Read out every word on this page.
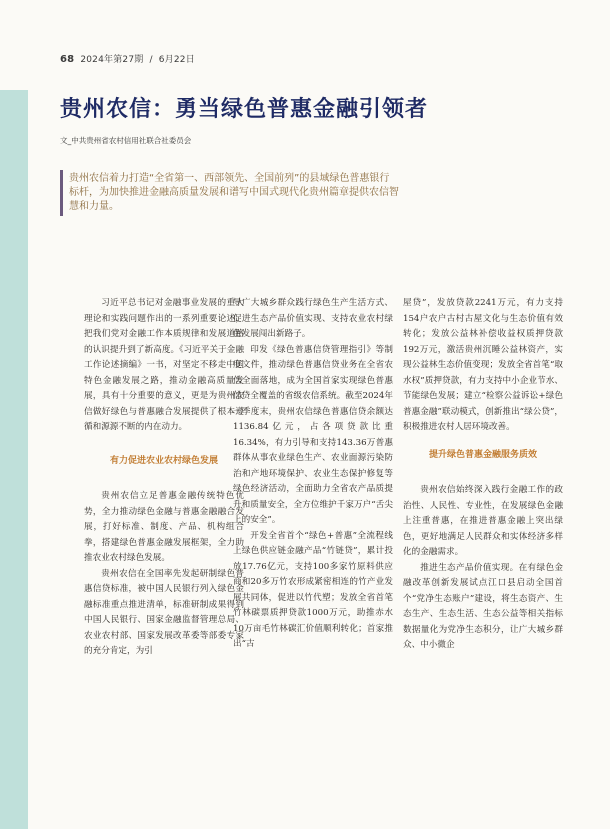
68 2024年第27期 / 6月22日
贵州农信：勇当绿色普惠金融引领者
文_中共贵州省农村信用社联合社委员会
贵州农信着力打造“全省第一、西部领先、全国前列”的县域绿色普惠银行标杆，为加快推进金融高质量发展和谱写中国式现代化贵州篇章提供农信智慧和力量。

习近平总书记对金融事业发展的重大理论和实践问题作出的一系列重要论述，把我们党对金融工作本质规律和发展道路的认识提升到了新高度。《习近平关于金融工作论述摘编》一书，对坚定不移走中国特色金融发展之路，推动金融高质量发展，具有十分重要的意义，更是为贵州农信做好绿色与普惠融合发展提供了根本遵循和源源不断的内在动力。

有力促进农业农村绿色发展

贵州农信立足普惠金融传统特色优势，全力推动绿色金融与普惠金融融合发展，打好标准、制度、产品、机构组合拳，搭建绿色普惠金融发展框架，全力助推农业农村绿色发展。

贵州农信在全国率先发起研制绿色普惠信贷标准，被中国人民银行列入绿色金融标准重点推进清单，标准研制成果得到中国人民银行、国家金融监督管理总局、农业农村部、国家发展改革委等部委专家的充分肯定，为引

导广大城乡群众践行绿色生产生活方式、促进生态产品价值实现、支持农业农村绿色发展闯出新路子。

印发《绿色普惠信贷管理指引》等制度文件，推动绿色普惠信贷业务在全省农信全面落地，成为全国首家实现绿色普惠信贷全覆盖的省级农信系统。截至2024年一季度末，贵州农信绿色普惠信贷余额达1136.84亿元，占各项贷款比重16.34%，有力引导和支持143.36万普惠群体从事农业绿色生产、农业面源污染防治和产地环境保护、农业生态保护修复等绿色经济活动，全面助力全省农产品质提升和质量安全，全方位维护千家万户“舌尖上的安全”。

开发全省首个“绿色+普惠”全流程线上绿色供应链金融产品“竹链贷”，累计投放17.76亿元，支持100多家竹原料供应商和20多万竹农形成紧密相连的竹产业发展共同体，促进以竹代塑；发放全省首笔竹林碳票质押贷款1000万元，助推赤水10万亩毛竹林碳汇价值顺利转化；首家推出“古

屋贷”，发放贷款2241万元，有力支持154户农户古村古屋文化与生态价值有效转化；发放公益林补偿收益权质押贷款192万元，激活贵州沉睡公益林资产，实现公益林生态价值变现；发放全省首笔“取水权”质押贷款，有力支持中小企业节水、节能绿色发展；建立“检察公益诉讼+绿色普惠金融”联动模式，创新推出“绿公贷”，积极推进农村人居环境改善。

提升绿色普惠金融服务质效

贵州农信始终深入践行金融工作的政治性、人民性、专业性，在发展绿色金融上注重普惠，在推进普惠金融上突出绿色，更好地满足人民群众和实体经济多样化的金融需求。

推进生态产品价值实现。在有绿色金融改革创新发展试点江口县启动全国首个“党净生态账户”建设，将生态资产、生态生产、生态生活、生态公益等相关指标数据量化为党净生态积分，让广大城乡群众、中小微企
